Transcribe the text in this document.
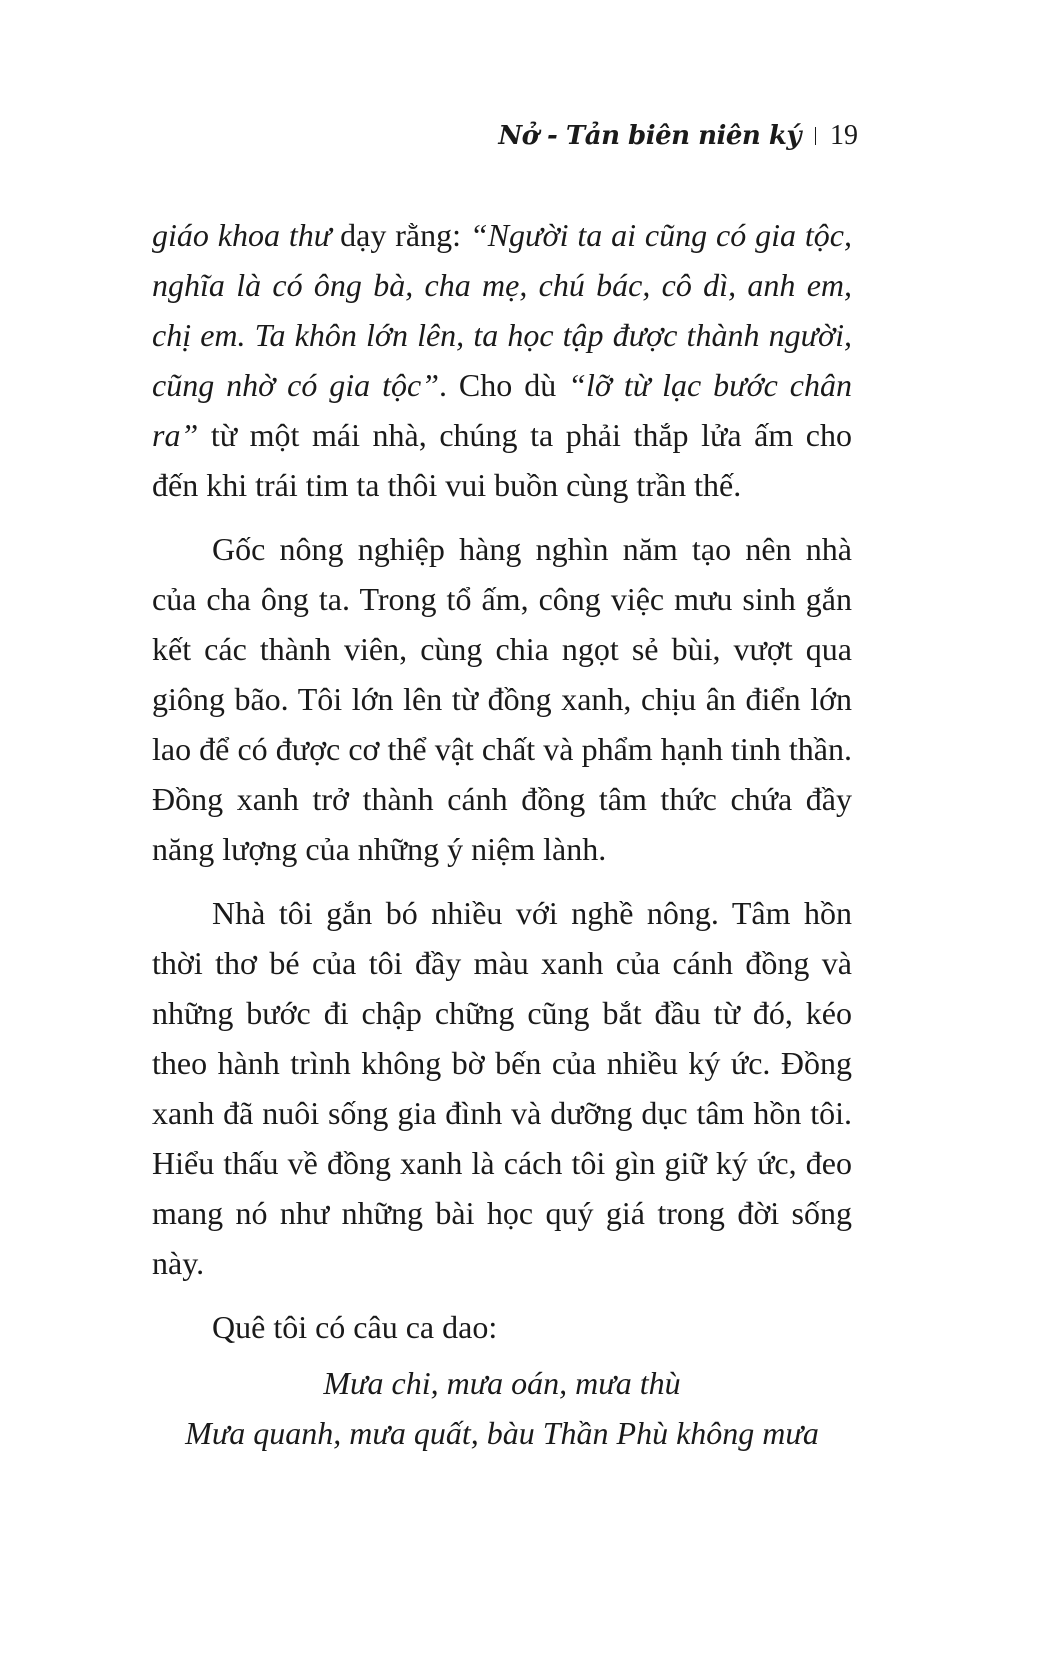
Nở - Tản biên niên ký 19

giáo khoa thư dạy rằng: “Người ta ai cũng có gia tộc, nghĩa là có ông bà, cha mẹ, chú bác, cô dì, anh em, chị em. Ta khôn lớn lên, ta học tập được thành người, cũng nhờ có gia tộc”. Cho dù “lỡ từ lạc bước chân ra” từ một mái nhà, chúng ta phải thắp lửa ấm cho đến khi trái tim ta thôi vui buồn cùng trần thế.

Gốc nông nghiệp hàng nghìn năm tạo nên nhà của cha ông ta. Trong tổ ấm, công việc mưu sinh gắn kết các thành viên, cùng chia ngọt sẻ bùi, vượt qua giông bão. Tôi lớn lên từ đồng xanh, chịu ân điển lớn lao để có được cơ thể vật chất và phẩm hạnh tinh thần. Đồng xanh trở thành cánh đồng tâm thức chứa đầy năng lượng của những ý niệm lành.

Nhà tôi gắn bó nhiều với nghề nông. Tâm hồn thời thơ bé của tôi đầy màu xanh của cánh đồng và những bước đi chập chững cũng bắt đầu từ đó, kéo theo hành trình không bờ bến của nhiều ký ức. Đồng xanh đã nuôi sống gia đình và dưỡng dục tâm hồn tôi. Hiểu thấu về đồng xanh là cách tôi gìn giữ ký ức, đeo mang nó như những bài học quý giá trong đời sống này.

Quê tôi có câu ca dao:

Mưa chi, mưa oán, mưa thù
Mưa quanh, mưa quất, bàu Thần Phù không mưa
